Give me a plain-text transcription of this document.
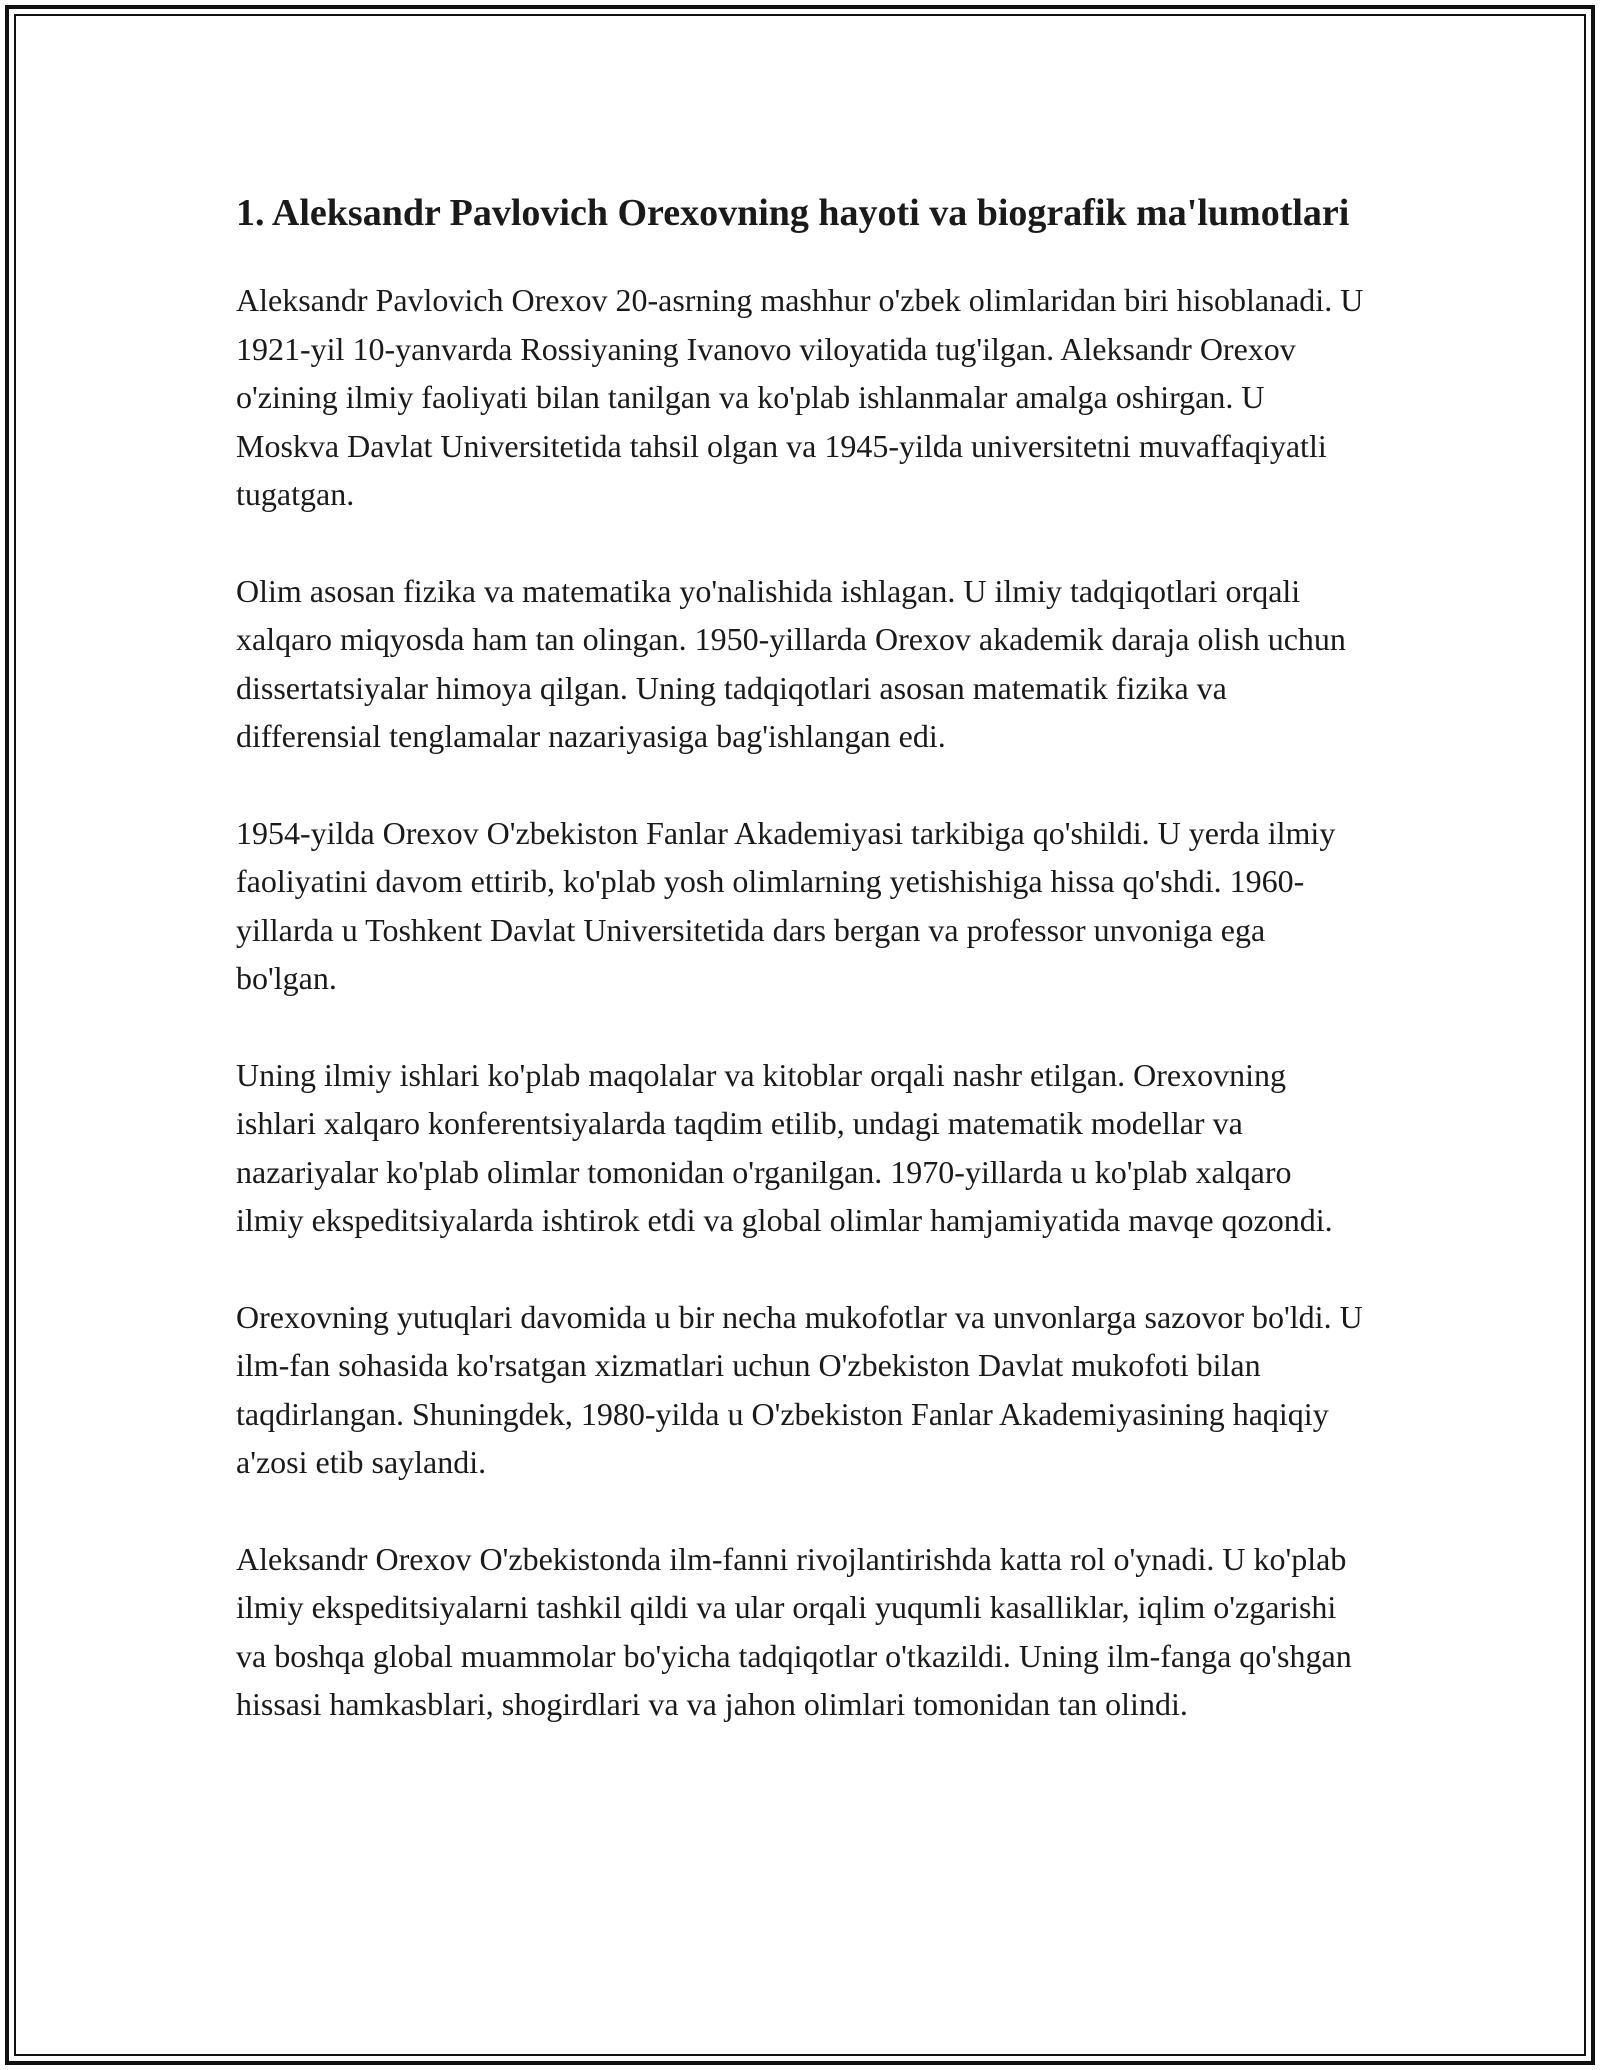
1. Aleksandr Pavlovich Orexovning hayoti va biografik ma'lumotlari

Aleksandr Pavlovich Orexov 20-asrning mashhur o'zbek olimlaridan biri hisoblanadi. U 1921-yil 10-yanvarda Rossiyaning Ivanovo viloyatida tug'ilgan. Aleksandr Orexov o'zining ilmiy faoliyati bilan tanilgan va ko'plab ishlanmalar amalga oshirgan. U Moskva Davlat Universitetida tahsil olgan va 1945-yilda universitetni muvaffaqiyatli tugatgan.

Olim asosan fizika va matematika yo'nalishida ishlagan. U ilmiy tadqiqotlari orqali xalqaro miqyosda ham tan olingan. 1950-yillarda Orexov akademik daraja olish uchun dissertatsiyalar himoya qilgan. Uning tadqiqotlari asosan matematik fizika va differensial tenglamalar nazariyasiga bag'ishlangan edi.

1954-yilda Orexov O'zbekiston Fanlar Akademiyasi tarkibiga qo'shildi. U yerda ilmiy faoliyatini davom ettirib, ko'plab yosh olimlarning yetishishiga hissa qo'shdi. 1960-yillarda u Toshkent Davlat Universitetida dars bergan va professor unvoniga ega bo'lgan.

Uning ilmiy ishlari ko'plab maqolalar va kitoblar orqali nashr etilgan. Orexovning ishlari xalqaro konferentsiyalarda taqdim etilib, undagi matematik modellar va nazariyalar ko'plab olimlar tomonidan o'rganilgan. 1970-yillarda u ko'plab xalqaro ilmiy ekspeditsiyalarda ishtirok etdi va global olimlar hamjamiyatida mavqe qozondi.

Orexovning yutuqlari davomida u bir necha mukofotlar va unvonlarga sazovor bo'ldi. U ilm-fan sohasida ko'rsatgan xizmatlari uchun O'zbekiston Davlat mukofoti bilan taqdirlangan. Shuningdek, 1980-yilda u O'zbekiston Fanlar Akademiyasining haqiqiy a'zosi etib saylandi.

Aleksandr Orexov O'zbekistonda ilm-fanni rivojlantirishda katta rol o'ynadi. U ko'plab ilmiy ekspeditsiyalarni tashkil qildi va ular orqali yuqumli kasalliklar, iqlim o'zgarishi va boshqa global muammolar bo'yicha tadqiqotlar o'tkazildi. Uning ilm-fanga qo'shgan hissasi hamkasblari, shogirdlari va va jahon olimlari tomonidan tan olindi.
